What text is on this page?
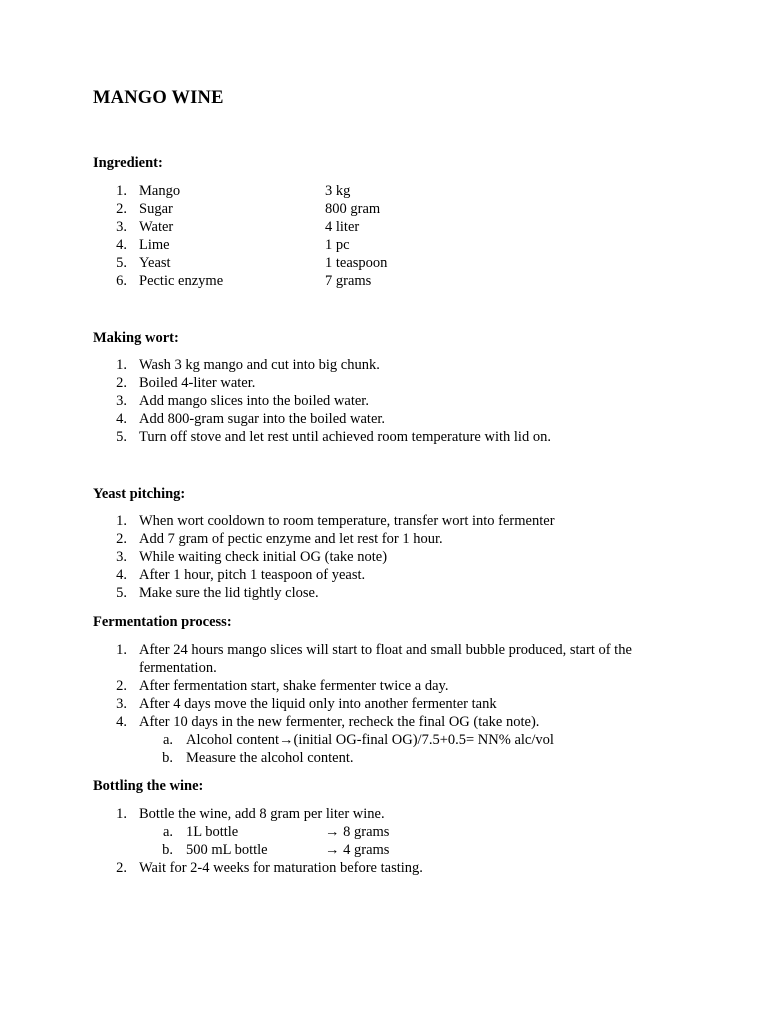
MANGO WINE

Ingredient:

1. Mango	3 kg
2. Sugar	800 gram
3. Water	4 liter
4. Lime	1 pc
5. Yeast	1 teaspoon
6. Pectic enzyme	7 grams

Making wort:

1. Wash 3 kg mango and cut into big chunk.
2. Boiled 4-liter water.
3. Add mango slices into the boiled water.
4. Add 800-gram sugar into the boiled water.
5. Turn off stove and let rest until achieved room temperature with lid on.

Yeast pitching:

1. When wort cooldown to room temperature, transfer wort into fermenter
2. Add 7 gram of pectic enzyme and let rest for 1 hour.
3. While waiting check initial OG (take note)
4. After 1 hour, pitch 1 teaspoon of yeast.
5. Make sure the lid tightly close.

Fermentation process:

1. After 24 hours mango slices will start to float and small bubble produced, start of the
fermentation.
2. After fermentation start, shake fermenter twice a day.
3. After 4 days move the liquid only into another fermenter tank
4. After 10 days in the new fermenter, recheck the final OG (take note).
a. Alcohol content→(initial OG-final OG)/7.5+0.5= NN% alc/vol
b. Measure the alcohol content.

Bottling the wine:

1. Bottle the wine, add 8 gram per liter wine.
a. 1L bottle	→ 8 grams
b. 500 mL bottle	→ 4 grams
2. Wait for 2-4 weeks for maturation before tasting.
